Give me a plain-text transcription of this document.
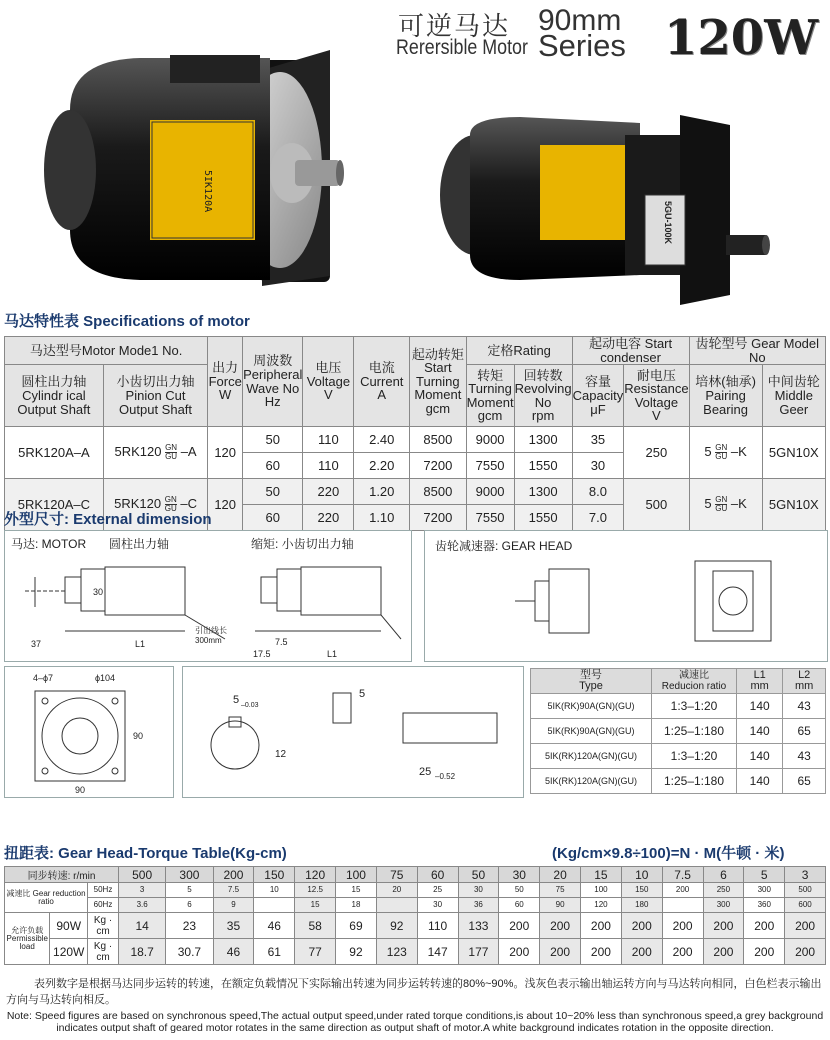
可逆马达
Rerersible Motor
90mm
Series 120W
5IK120A
5GU-100K
马达特性表 Specifications of motor
马达型号Motor Mode1 No.		出力
Force
W	周波数
Peripheral
Wave No
Hz	电压
Voltage
V	电流
Current
A	起动转矩
Start
Turning
Moment
gcm	定格Rating		起动电容 Start condenser		齿轮型号 Gear Model No	
圆柱出力轴
Cylindr ical
Output Shaft	小齿切出力轴
Pinion Cut
Output Shaft						转矩
Turning
Moment
gcm	回转数
Revolving
No
rpm	容量
Capacity
μF	耐电压
Resistance
Voltage
V	培林(轴承)
Pairing
Bearing	中间齿轮
Middle
Geer
5RK120A–A	$5RK120 \frac{GN}{GU} -A$	120	50	110	2.40	8500	9000	1300	35	250	$5 \frac{GN}{GU} -K$	5GN10X
			60	110	2.20	7200	7550	1550	30			
5RK120A–C	$5RK120 \frac{GN}{GU} -C$	120	50	220	1.20	8500	9000	1300	8.0	500	$5 \frac{GN}{GU} -K$	5GN10X
			60	220	1.10	7200	7550	1550	7.0			
外型尺寸: External dimension
马达: MOTOR 圆柱出力轴	缩矩: 小齿切出力轴
30
37	L1	7.5
17.5	L1
引出线长
300mm
齿轮减速器: GEAR HEAD
4–ϕ7	ϕ104
90
90
5 –0.03
5
25 –0.52
12
型号
Type	减速比
Reducion ratio	L1
mm	L2
mm
5IK(RK)90A(GN)(GU)	1:3–1:20	140	43
5IK(RK)90A(GN)(GU)	1:25–1:180	140	65
5IK(RK)120A(GN)(GU)	1:3–1:20	140	43
5IK(RK)120A(GN)(GU)	1:25–1:180	140	65
扭距表: Gear Head-Torque Table(Kg-cm)	(Kg/cm×9.8÷100)=N · M(牛顿 · 米)
同步转速: r/min			500	300	200	150	120	100	75	60	50	30	20	15	10	7.5	6	5	3
减速比 Gear reduction ratio		50Hz	3	5	7.5	10	12.5	15	20	25	30	50	75	100	150	200	250	300	500
		60Hz	3.6	6	9		15	18		30	36	60	90	120	180		300	360	600
允许负载 Permissible load	90W	Kg · cm	14	23	35	46	58	69	92	110	133	200	200	200	200	200	200	200	200
	120W	Kg · cm	18.7	30.7	46	61	77	92	123	147	177	200	200	200	200	200	200	200	200
表列数字是根据马达同步运转的转速，在额定负载情况下实际输出转速为同步运转转速的80%~90%。浅灰色表示输出轴运转方向与马达转向相同，白色栏表示输出方向与马达转向相反。
Note: Speed figures are based on synchronous speed,The actual output speed,under rated torque conditions,is about 10~20% less than synchronous speed,a grey background indicates output shaft of geared motor rotates in the same direction as output shaft of motor.A white background indicates rotation in the opposite direction.
